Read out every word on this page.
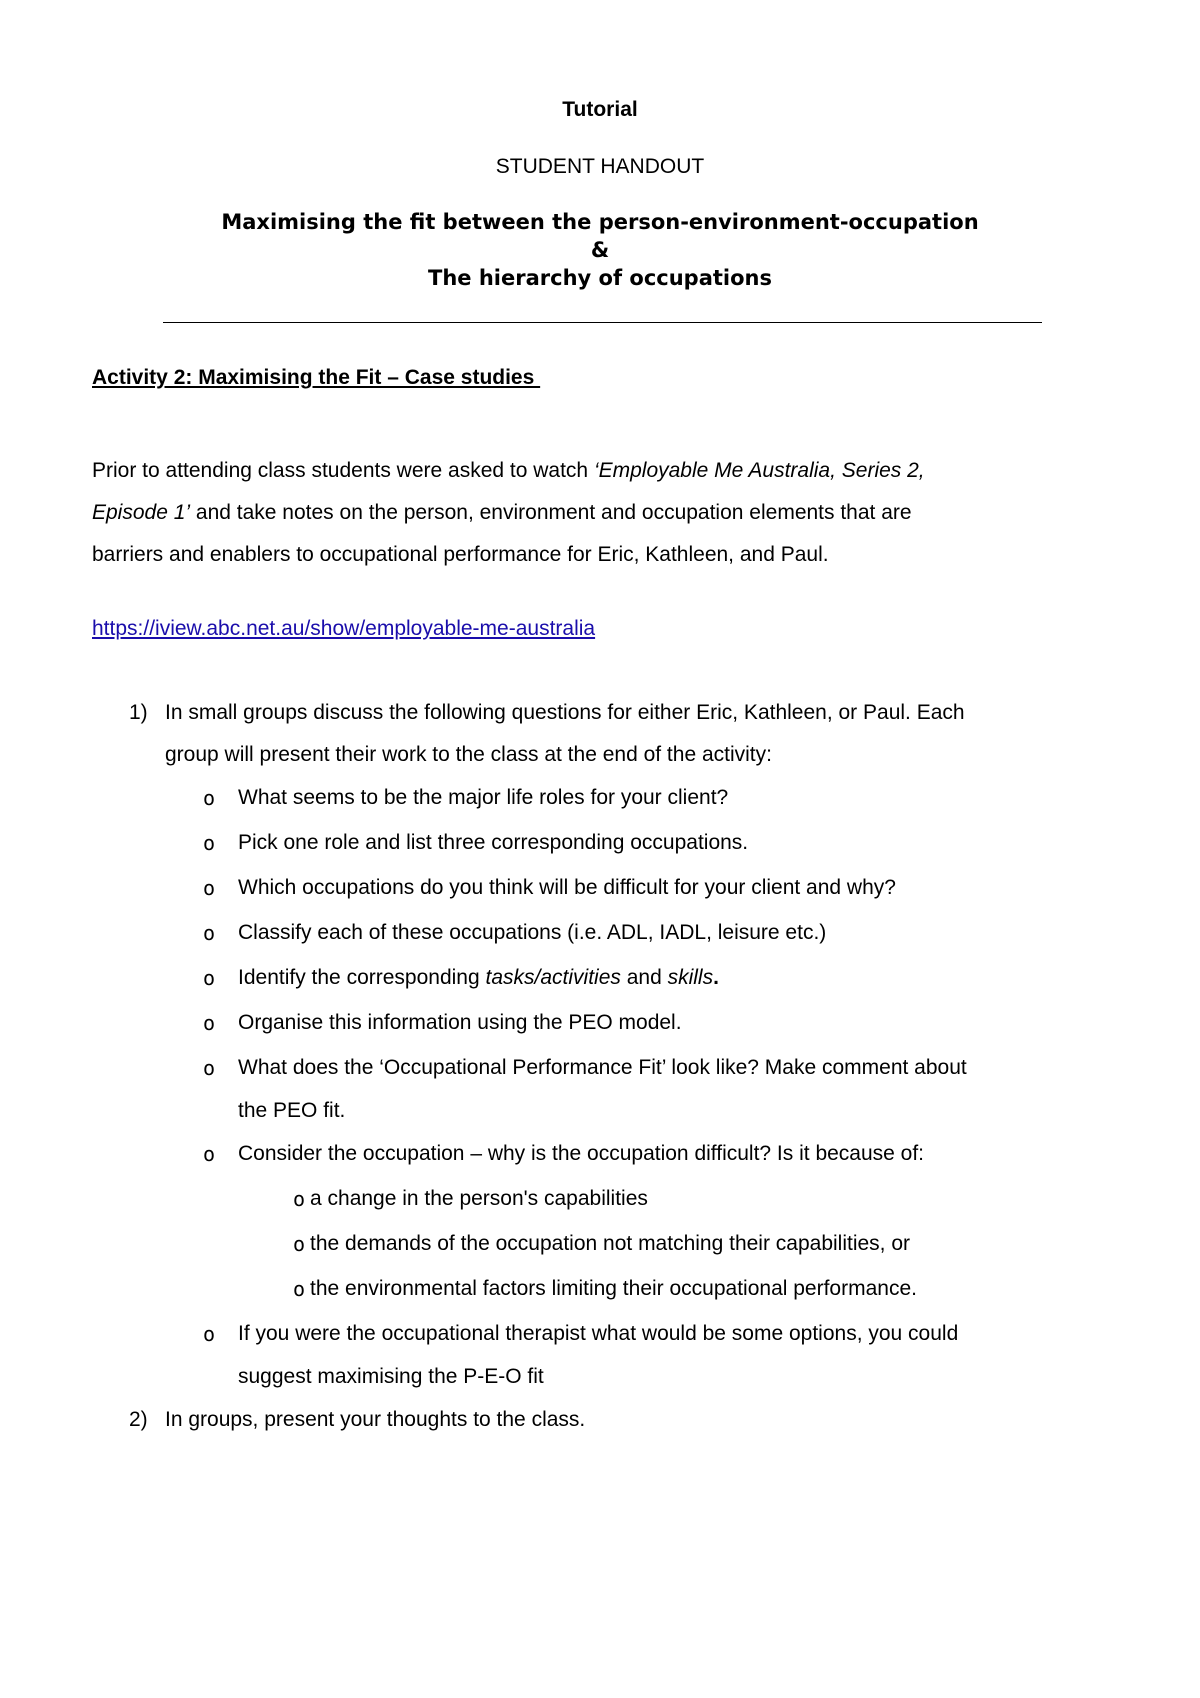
Tutorial
STUDENT HANDOUT
Maximising the fit between the person-environment-occupation
&
The hierarchy of occupations
Activity 2: Maximising the Fit – Case studies
Prior to attending class students were asked to watch ‘Employable Me Australia, Series 2,
Episode 1’ and take notes on the person, environment and occupation elements that are
barriers and enablers to occupational performance for Eric, Kathleen, and Paul.
https://iview.abc.net.au/show/employable-me-australia
1) In small groups discuss the following questions for either Eric, Kathleen, or Paul. Each
group will present their work to the class at the end of the activity:
o What seems to be the major life roles for your client?
o Pick one role and list three corresponding occupations.
o Which occupations do you think will be difficult for your client and why?
o Classify each of these occupations (i.e. ADL, IADL, leisure etc.)
o Identify the corresponding tasks/activities and skills.
o Organise this information using the PEO model.
o What does the ‘Occupational Performance Fit’ look like? Make comment about
the PEO fit.
o Consider the occupation – why is the occupation difficult? Is it because of:
o a change in the person's capabilities
o the demands of the occupation not matching their capabilities, or
o the environmental factors limiting their occupational performance.
o If you were the occupational therapist what would be some options, you could
suggest maximising the P-E-O fit
2) In groups, present your thoughts to the class.
